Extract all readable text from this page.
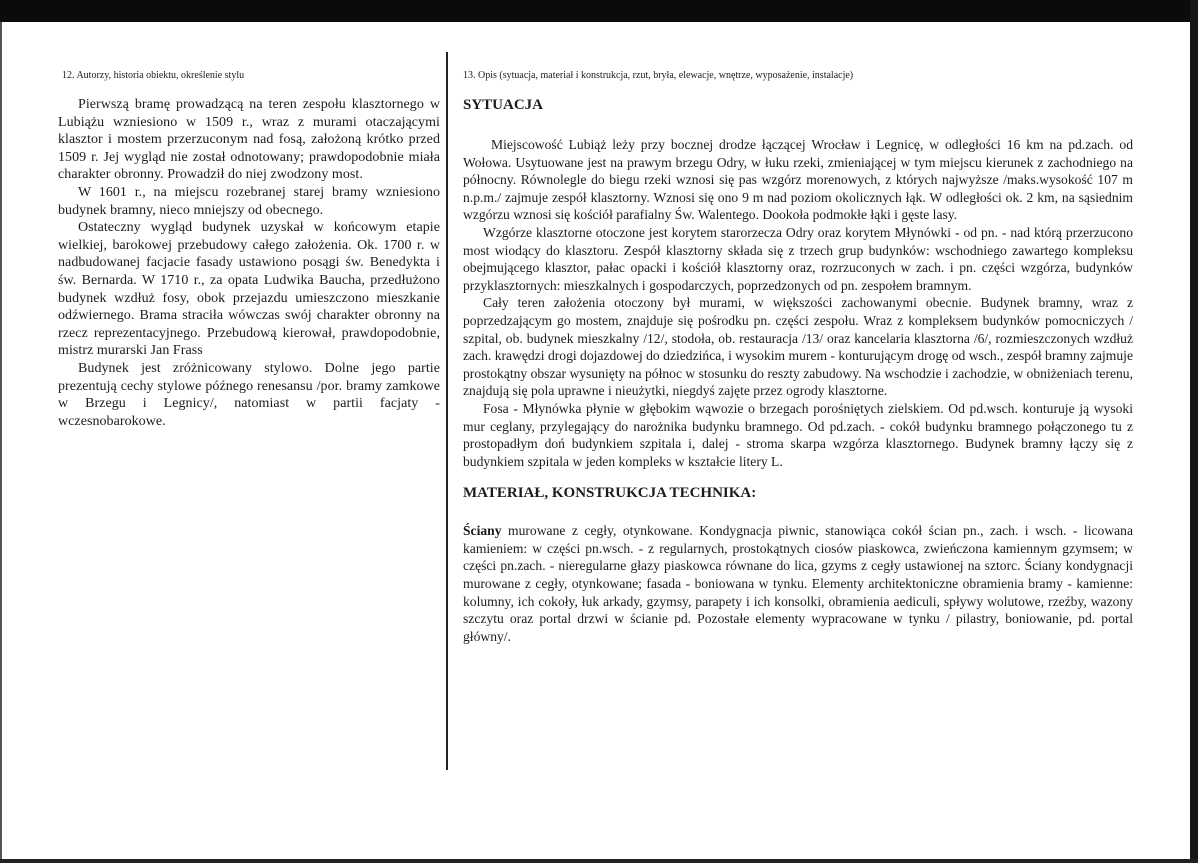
12. Autorzy, historia obiektu, określenie stylu

Pierwszą bramę prowadzącą na teren zespołu klasztornego w Lubiążu wzniesiono w 1509 r., wraz z murami otaczającymi klasztor i mostem przerzuconym nad fosą, założoną krótko przed 1509 r. Jej wygląd nie został odnotowany; prawdopodobnie miała charakter obronny. Prowadził do niej zwodzony most.

W 1601 r., na miejscu rozebranej starej bramy wzniesiono budynek bramny, nieco mniejszy od obecnego.

Ostateczny wygląd budynek uzyskał w końcowym etapie wielkiej, barokowej przebudowy całego założenia. Ok. 1700 r. w nadbudowanej facjacie fasady ustawiono posągi św. Benedykta i św. Bernarda. W 1710 r., za opata Ludwika Baucha, przedłużono budynek wzdłuż fosy, obok przejazdu umieszczono mieszkanie odźwiernego. Brama straciła wówczas swój charakter obronny na rzecz reprezentacyjnego. Przebudową kierował, prawdopodobnie, mistrz murarski Jan Frass

Budynek jest zróżnicowany stylowo. Dolne jego partie prezentują cechy stylowe późnego renesansu /por. bramy zamkowe w Brzegu i Legnicy/, natomiast w partii facjaty - wczesnobarokowe.

13. Opis (sytuacja, materiał i konstrukcja, rzut, bryła, elewacje, wnętrze, wyposażenie, instalacje)

SYTUACJA

Miejscowość Lubiąż leży przy bocznej drodze łączącej Wrocław i Legnicę, w odległości 16 km na pd.zach. od Wołowa. Usytuowane jest na prawym brzegu Odry, w łuku rzeki, zmieniającej w tym miejscu kierunek z zachodniego na północny. Równolegle do biegu rzeki wznosi się pas wzgórz morenowych, z których najwyższe /maks.wysokość 107 m n.p.m./ zajmuje zespół klasztorny. Wznosi się ono 9 m nad poziom okolicznych łąk. W odległości ok. 2 km, na sąsiednim wzgórzu wznosi się kościół parafialny Św. Walentego. Dookoła podmokłe łąki i gęste lasy.

Wzgórze klasztorne otoczone jest korytem starorzecza Odry oraz korytem Młynówki - od pn. - nad którą przerzucono most wiodący do klasztoru. Zespół klasztorny składa się z trzech grup budynków: wschodniego zawartego kompleksu obejmującego klasztor, pałac opacki i kościół klasztorny oraz, rozrzuconych w zach. i pn. części wzgórza, budynków przyklasztornych: mieszkalnych i gospodarczych, poprzedzonych od pn. zespołem bramnym.

Cały teren założenia otoczony był murami, w większości zachowanymi obecnie. Budynek bramny, wraz z poprzedzającym go mostem, znajduje się pośrodku pn. części zespołu. Wraz z kompleksem budynków pomocniczych / szpital, ob. budynek mieszkalny /12/, stodoła, ob. restauracja /13/ oraz kancelaria klasztorna /6/, rozmieszczonych wzdłuż zach. krawędzi drogi dojazdowej do dziedzińca, i wysokim murem - konturującym drogę od wsch., zespół bramny zajmuje prostokątny obszar wysunięty na północ w stosunku do reszty zabudowy. Na wschodzie i zachodzie, w obniżeniach terenu, znajdują się pola uprawne i nieużytki, niegdyś zajęte przez ogrody klasztorne.

Fosa - Młynówka płynie w głębokim wąwozie o brzegach porośniętych zielskiem. Od pd.wsch. konturuje ją wysoki mur ceglany, przylegający do narożnika budynku bramnego. Od pd.zach. - cokół budynku bramnego połączonego tu z prostopadłym doń budynkiem szpitala i, dalej - stroma skarpa wzgórza klasztornego. Budynek bramny łączy się z budynkiem szpitala w jeden kompleks w kształcie litery L.

MATERIAŁ, KONSTRUKCJA TECHNIKA:

Ściany murowane z cegły, otynkowane. Kondygnacja piwnic, stanowiąca cokół ścian pn., zach. i wsch. - licowana kamieniem: w części pn.wsch. - z regularnych, prostokątnych ciosów piaskowca, zwieńczona kamiennym gzymsem; w części pn.zach. - nieregularne głazy piaskowca równane do lica, gzyms z cegły ustawionej na sztorc. Ściany kondygnacji murowane z cegły, otynkowane; fasada - boniowana w tynku. Elementy architektoniczne obramienia bramy - kamienne: kolumny, ich cokoły, łuk arkady, gzymsy, parapety i ich konsolki, obramienia aediculi, spływy wolutowe, rzeźby, wazony szczytu oraz portal drzwi w ścianie pd. Pozostałe elementy wypracowane w tynku / pilastry, boniowanie, pd. portal główny/.
